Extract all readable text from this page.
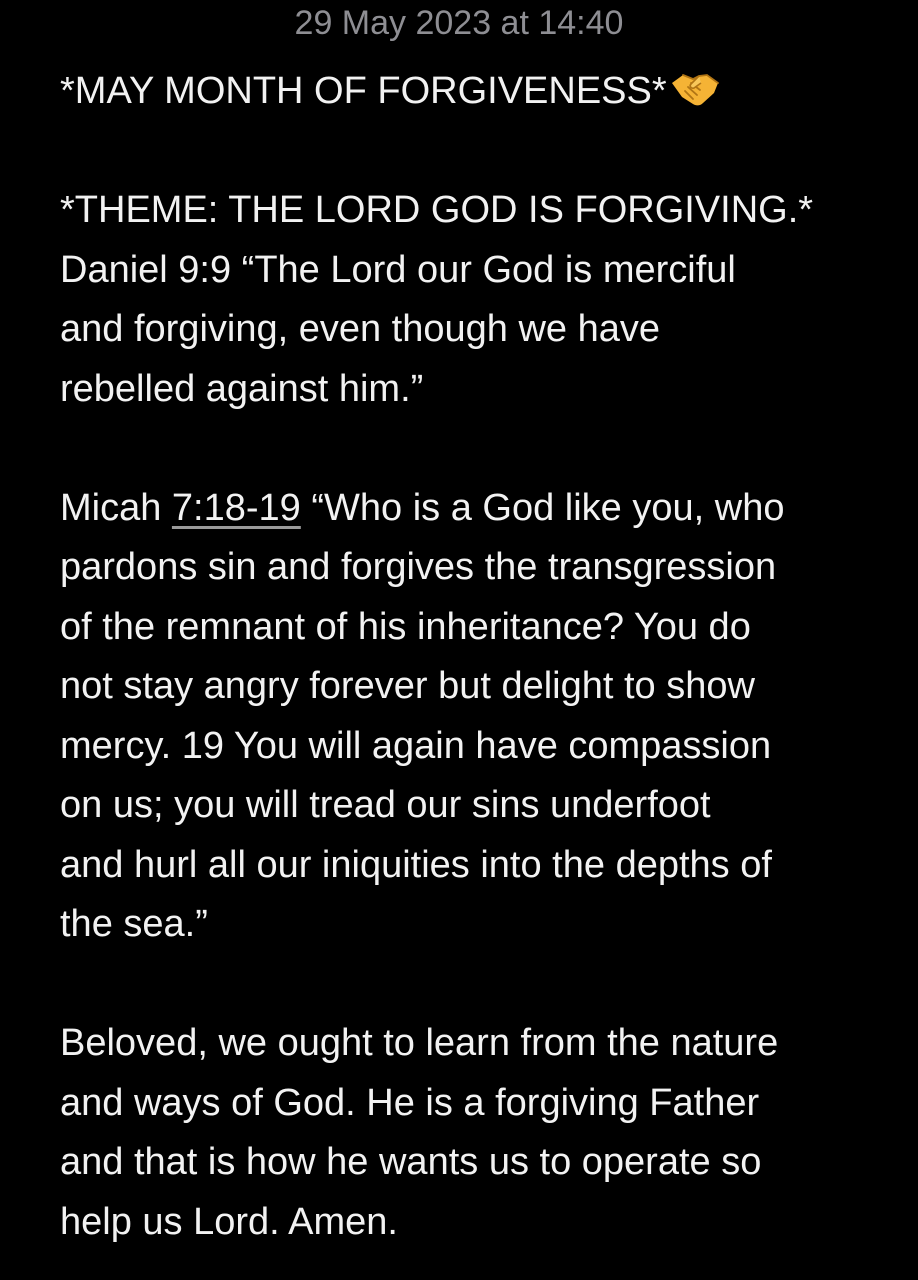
29 May 2023 at 14:40
*MAY MONTH OF FORGIVENESS*
*THEME: THE LORD GOD IS FORGIVING.*
Daniel 9:9 “The Lord our God is merciful
and forgiving, even though we have
rebelled against him.”
Micah 7:18-19 “Who is a God like you, who
pardons sin and forgives the transgression
of the remnant of his inheritance? You do
not stay angry forever but delight to show
mercy. 19 You will again have compassion
on us; you will tread our sins underfoot
and hurl all our iniquities into the depths of
the sea.”
Beloved, we ought to learn from the nature
and ways of God. He is a forgiving Father
and that is how he wants us to operate so
help us Lord. Amen.
